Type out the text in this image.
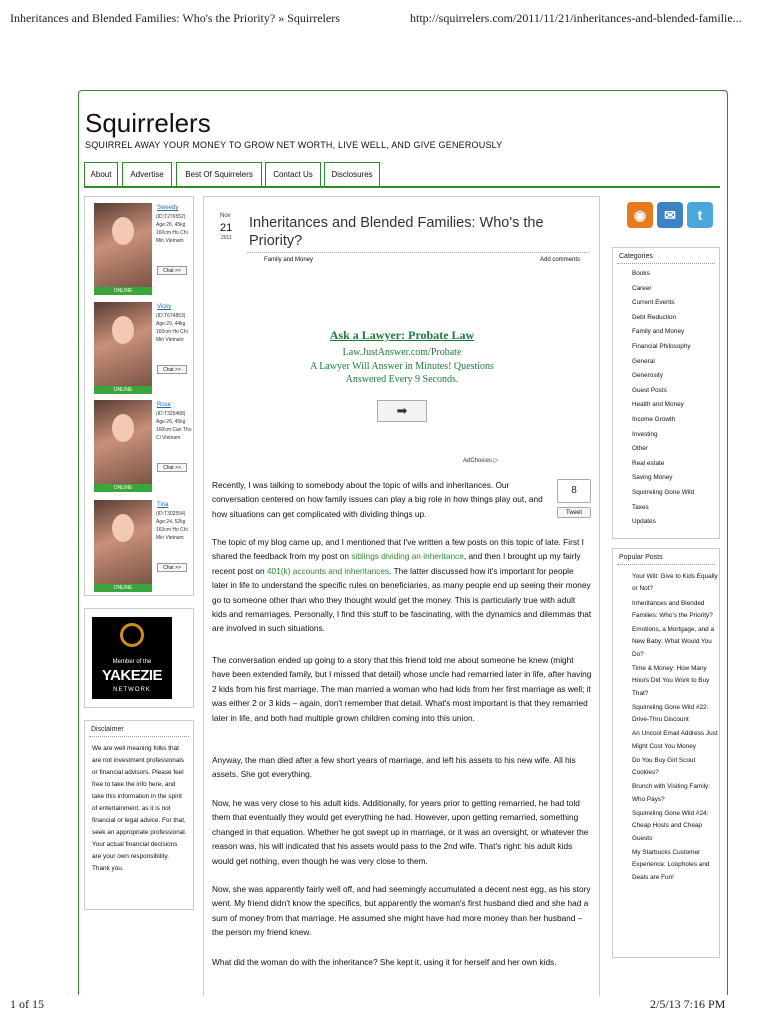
Inheritances and Blended Families: Who's the Priority? » Squirrelers	http://squirrelers.com/2011/11/21/inheritances-and-blended-familie...
Squirrelers
SQUIRREL AWAY YOUR MONEY TO GROW NET WORTH, LIVE WELL, AND GIVE GENEROUSLY
About	Advertise	Best Of Squirrelers	Contact Us	Disclosures
ONLINE
Sweedy
(ID:T276552) Age:26, 45kg 160cm Ho Chi Min Vietnam
Chat >>
ONLINE
Vicky
(ID:T674853) Age:20, 44kg 160cm Ho Chi Min Vietnam
Chat >>
ONLINE
Rose
(ID:T329468) Age:26, 45kg 160cm Can Tho Ci Vietnam
Chat >>
ONLINE
Tina
(ID:T302554) Age:24, 52kg 163cm Ho Chi Min Vietnam
Chat >>
Member of the
YAKEZIE
NETWORK
Disclaimer
We are well meaning folks that are not investment professionals or financial advisors. Please feel free to take the info here, and take this information in the spirit of entertainment, as it is not financial or legal advice. For that, seek an appropriate professional. Your actual financial decisions are your own responsibility. Thank you.
Nov
21
2011
Inheritances and Blended Families: Who's the Priority?
Family and Money	Add comments
Ask a Lawyer: Probate Law
Law.JustAnswer.com/Probate
A Lawyer Will Answer in Minutes! Questions Answered Every 9 Seconds.
➡
AdChoices ▷
8
Tweet
Recently, I was talking to somebody about the topic of wills and inheritances. Our conversation centered on how family issues can play a big role in how things play out, and how situations can get complicated with dividing things up.
The topic of my blog came up, and I mentioned that I've written a few posts on this topic of late. First I shared the feedback from my post on siblings dividing an inheritance, and then I brought up my fairly recent post on 401(k) accounts and inheritances. The latter discussed how it's important for people later in life to understand the specific rules on beneficiaries, as many people end up seeing their money go to someone other than who they thought would get the money. This is particularly true with adult kids and remarriages. Personally, I find this stuff to be fascinating, with the dynamics and dilemmas that are involved in such situations.
The conversation ended up going to a story that this friend told me about someone he knew (might have been extended family, but I missed that detail) whose uncle had remarried later in life, after having 2 kids from his first marriage. The man married a woman who had kids from her first marriage as well; it was either 2 or 3 kids – again, don't remember that detail. What's most important is that they remarried later in life, and both had multiple grown children coming into this union.
Anyway, the man died after a few short years of marriage, and left his assets to his new wife. All his assets. She got everything.
Now, he was very close to his adult kids. Additionally, for years prior to getting remarried, he had told them that eventually they would get everything he had. However, upon getting remarried, something changed in that equation. Whether he got swept up in marriage, or it was an oversight, or whatever the reason was, his will indicated that his assets would pass to the 2nd wife. That's right: his adult kids would get nothing, even though he was very close to them.
Now, she was apparently fairly well off, and had seemingly accumulated a decent nest egg, as his story went. My friend didn't know the specifics, but apparently the woman's first husband died and she had a sum of money from that marriage. He assumed she might have had more money than her husband – the person my friend knew.
What did the woman do with the inheritance? She kept it, using it for herself and her own kids.
◉	✉	t
Categories
Books
Career
Current Events
Debt Reduction
Family and Money
Financial Philosophy
General
Generosity
Guest Posts
Health and Money
Income Growth
Investing
Other
Real estate
Saving Money
Squirreling Gone Wild
Taxes
Updates
Popular Posts
Your Will: Give to Kids Equally or Not?
Inheritances and Blended Families: Who's the Priority?
Emotions, a Mortgage, and a New Baby: What Would You Do?
Time & Money: How Many Hours Did You Work to Buy That?
Squirreling Gone Wild #22: Drive-Thru Discount
An Uncool Email Address Just Might Cost You Money
Do You Buy Girl Scout Cookies?
Brunch with Visiting Family: Who Pays?
Squirreling Gone Wild #24: Cheap Hosts and Cheap Guests
My Starbucks Customer Experience: Loopholes and Deals are Fun!
1 of 15	2/5/13 7:16 PM
